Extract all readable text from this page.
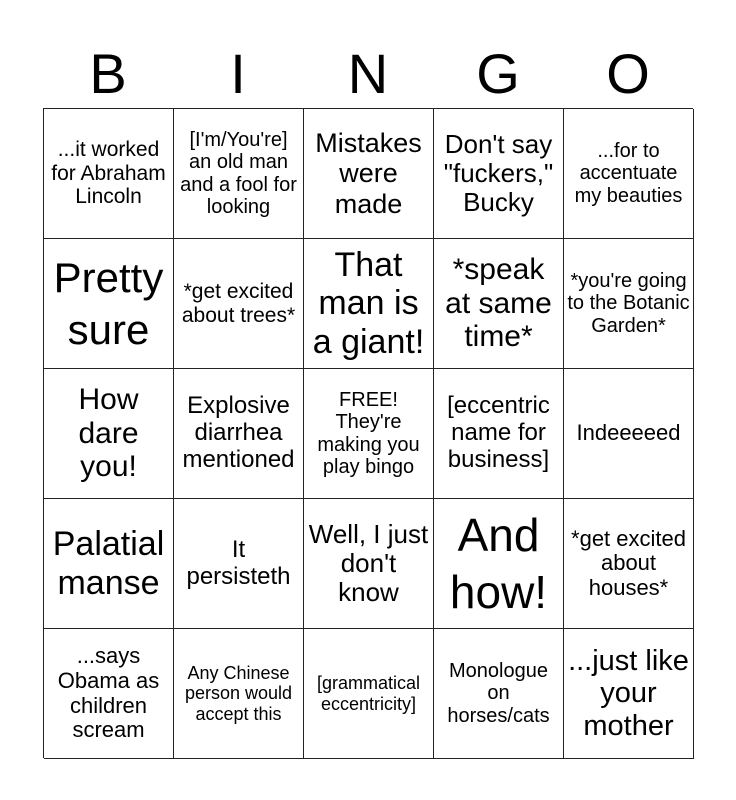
B	I	N	G	O
...it worked for Abraham Lincoln
[I'm/You're] an old man and a fool for looking
Mistakes were made
Don't say "fuckers," Bucky
...for to accentuate my beauties
Pretty sure
*get excited about trees*
That man is a giant!
*speak at same time*
*you're going to the Botanic Garden*
How dare you!
Explosive diarrhea mentioned
FREE! They're making you play bingo
[eccentric name for business]
Indeeeeed
Palatial manse
It persisteth
Well, I just don't know
And how!
*get excited about houses*
...says Obama as children scream
Any Chinese person would accept this
[grammatical eccentricity]
Monologue on horses/cats
...just like your mother
